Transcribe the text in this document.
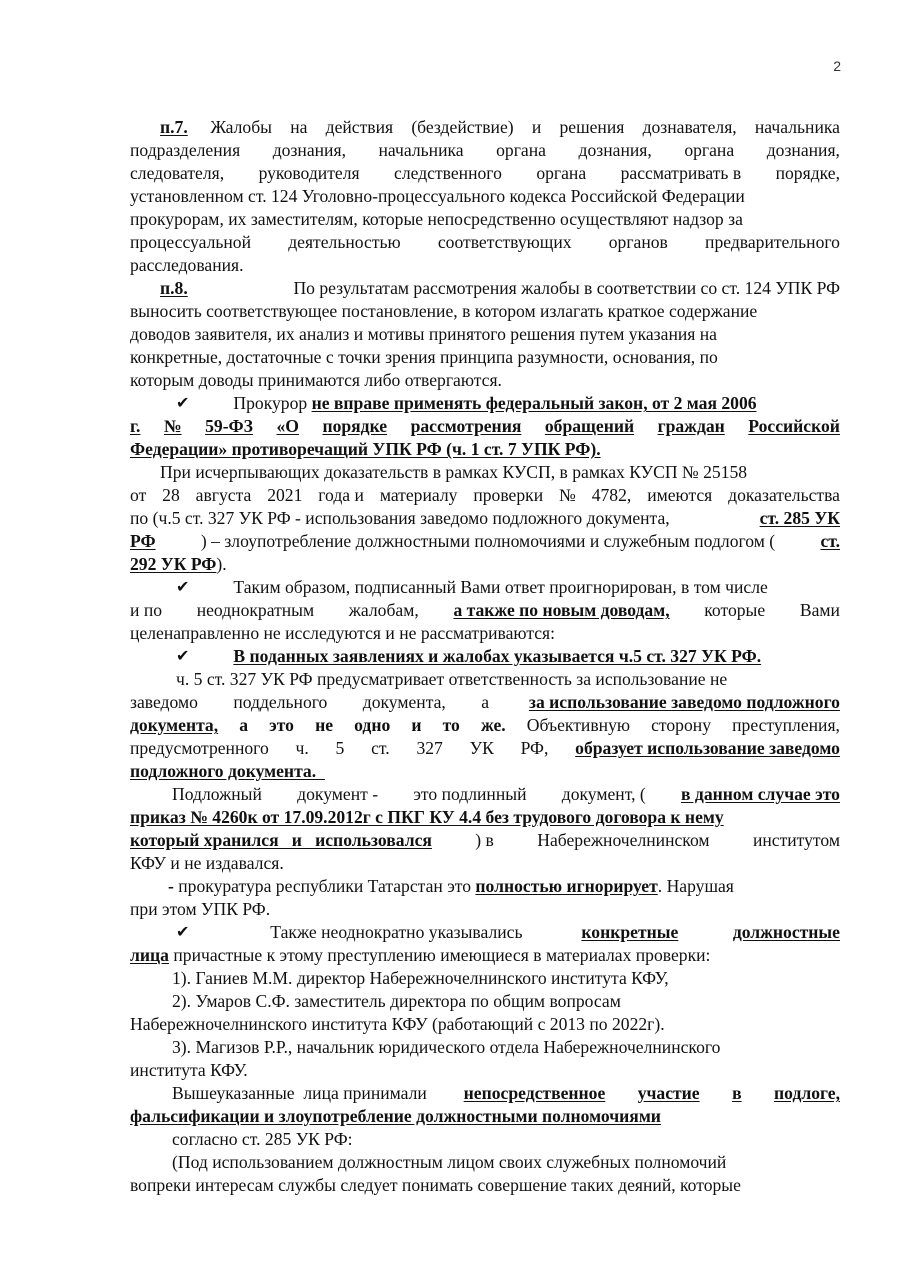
2
п.7. Жалобы на действия (бездействие) и решения дознавателя, начальника
подразделения дознания, начальника органа дознания, органа дознания,
следователя, руководителя следственного органа рассматривать в порядке,
установленном ст. 124 Уголовно-процессуального кодекса Российской Федерации
прокурорам, их заместителям, которые непосредственно осуществляют надзор за
процессуальной деятельностью соответствующих органов предварительного
расследования.
п.8.	По результатам рассмотрения жалобы в соответствии со ст. 124 УПК РФ
выносить соответствующее постановление, в котором излагать краткое содержание
доводов заявителя, их анализ и мотивы принятого решения путем указания на
конкретные, достаточные с точки зрения принципа разумности, основания, по
которым доводы принимаются либо отвергаются.
✔ Прокурор не вправе применять федеральный закон, от 2 мая 2006
г. № 59-ФЗ «О порядке рассмотрения обращений граждан Российской
Федерации» противоречащий УПК РФ (ч. 1 ст. 7 УПК РФ).
При исчерпывающих доказательств в рамках КУСП, в рамках КУСП № 25158
от 28 августа 2021 года и материалу проверки № 4782, имеются доказательства
по (ч.5 ст. 327 УК РФ - использования заведомо подложного документа,	ст. 285 УК
РФ	) – злоупотребление должностными полномочиями и служебным подлогом (	ст.
292 УК РФ ).
✔ Таким образом, подписанный Вами ответ проигнорирован, в том числе
и по неоднократным жалобам, а также по новым доводам, которые Вами
целенаправленно не исследуются и не рассматриваются:
✔
В поданных заявлениях и жалобах указывается ч.5 ст. 327 УК РФ.
ч. 5 ст. 327 УК РФ предусматривает ответственность за использование не
заведомо поддельного документа, а за использование заведомо подложного
документа, а это не одно и то же. Объективную сторону преступления,
предусмотренного ч. 5 ст. 327 УК РФ, образует использование заведомо
подложного документа.
Подложный документ - это подлинный документ, ( в данном случае это
приказ № 4260к от 17.09.2012г с ПКГ КУ 4.4 без трудового договора к нему
который хранился   и   использовался ) в Набережночелнинском институтом
КФУ и не издавался.
- прокуратура республики Татарстан это полностью игнорирует . Нарушая
при этом УПК РФ.
✔	Также неоднократно указывались	конкретные	должностные
лица причастные к этому преступлению имеющиеся в материалах проверки:
1). Ганиев М.М. директор Набережночелнинского института КФУ,
2). Умаров С.Ф. заместитель директора по общим вопросам
Набережночелнинского института КФУ (работающий с 2013 по 2022г).
3). Магизов Р.Р., начальник юридического отдела Набережночелнинского
института КФУ.
Вышеуказанные  лица принимали непосредственное участие в подлоге,
фальсификации и злоупотребление должностными полномочиями
согласно ст. 285 УК РФ:
(Под использованием должностным лицом своих служебных полномочий
вопреки интересам службы следует понимать совершение таких деяний, которые
